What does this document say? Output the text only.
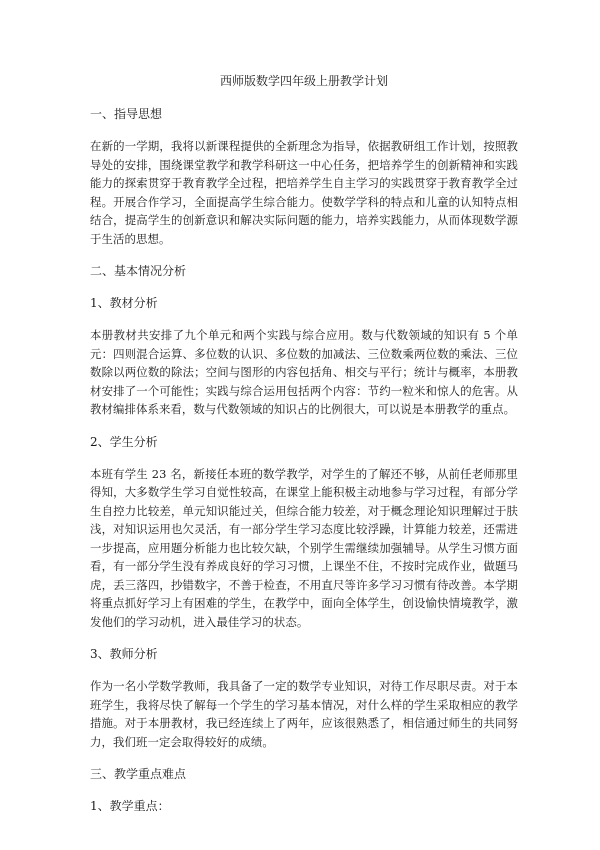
西师版数学四年级上册教学计划
一、指导思想

在新的一学期，我将以新课程提供的全新理念为指导，依据教研组工作计划，按照教导处的安排，围绕课堂教学和教学科研这一中心任务，把培养学生的创新精神和实践能力的探索贯穿于教育教学全过程，把培养学生自主学习的实践贯穿于教育教学全过程。开展合作学习，全面提高学生综合能力。使数学学科的特点和儿童的认知特点相结合，提高学生的创新意识和解决实际问题的能力，培养实践能力，从而体现数学源于生活的思想。

二、基本情况分析
1、教材分析

本册教材共安排了九个单元和两个实践与综合应用。数与代数领域的知识有 5 个单元：四则混合运算、多位数的认识、多位数的加减法、三位数乘两位数的乘法、三位数除以两位数的除法；空间与图形的内容包括角、相交与平行；统计与概率，本册教材安排了一个可能性；实践与综合运用包括两个内容：节约一粒米和惊人的危害。从教材编排体系来看，数与代数领域的知识占的比例很大，可以说是本册教学的重点。

2、学生分析

本班有学生 23 名，新接任本班的数学教学，对学生的了解还不够，从前任老师那里得知，大多数学生学习自觉性较高，在课堂上能积极主动地参与学习过程，有部分学生自控力比较差，单元知识能过关，但综合能力较差，对于概念理论知识理解过于肤浅，对知识运用也欠灵活，有一部分学生学习态度比较浮躁，计算能力较差，还需进一步提高，应用题分析能力也比较欠缺，个别学生需继续加强辅导。从学生习惯方面看，有一部分学生没有养成良好的学习习惯，上课坐不住，不按时完成作业，做题马虎，丢三落四，抄错数字，不善于检查，不用直尺等许多学习习惯有待改善。本学期将重点抓好学习上有困难的学生，在教学中，面向全体学生，创设愉快情境教学，激发他们的学习动机，进入最佳学习的状态。

3、教师分析

作为一名小学数学教师，我具备了一定的数学专业知识，对待工作尽职尽责。对于本班学生，我将尽快了解每一个学生的学习基本情况，对什么样的学生采取相应的教学措施。对于本册教材，我已经连续上了两年，应该很熟悉了，相信通过师生的共同努力，我们班一定会取得较好的成绩。

三、教学重点难点
1、教学重点：
